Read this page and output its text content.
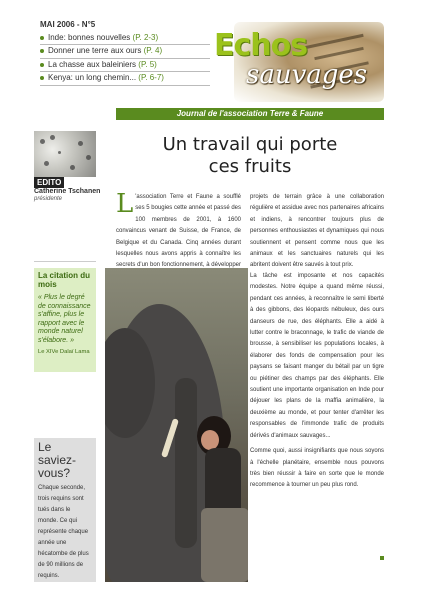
MAI 2006 - N°5
Inde: bonnes nouvelles (P. 2-3)
Donner une terre aux ours (P. 4)
La chasse aux baleiniers (P. 5)
Kenya: un long chemin... (P. 6-7)
Echos
sauvages
Journal de l'association Terre & Faune
EDITO
Catherine Tschanen
présidente
La citation du mois
« Plus le degré de connaissance s'affine, plus le rapport avec le monde naturel s'élabore. »
Le XIVe Dalaï Lama
Le saviez-vous?
Chaque seconde, trois requins sont tués dans le monde. Ce qui représente chaque année une hécatombe de plus de 90 millions de requins.
Un travail qui porte
ces fruits

L 'association Terre et Faune a soufflé ses 5 bougies cette année et passé des 100 membres de 2001, à 1600 convaincus venant de Suisse, de France, de Belgique et du Canada. Cinq années durant lesquelles nous avons appris à connaître les secrets d'un bon fonctionnement, à développer

projets de terrain grâce à une collaboration régulière et assidue avec nos partenaires africains et indiens, à rencontrer toujours plus de personnes enthousiastes et dynamiques qui nous soutiennent et pensent comme nous que les animaux et les sanctuaires naturels qui les abritent doivent être sauvés à tout prix.

La tâche est imposante et nos capacités modestes. Notre équipe a quand même réussi, pendant ces années, à reconnaître le semi liberté à des gibbons, des léopards nébuleux, des ours danseurs de rue, des éléphants. Elle a aidé à lutter contre le braconnage, le trafic de viande de brousse, à sensibiliser les populations locales, à élaborer des fonds de compensation pour les paysans se faisant manger du bétail par un tigre ou piétiner des champs par des éléphants. Elle soutient une importante organisation en Inde pour déjouer les plans de la maffia animalière, la deuxième au monde, et pour tenter d'arrêter les responsables de l'immonde trafic de produits dérivés d'animaux sauvages...

Comme quoi, aussi insignifiants que nous soyons à l'échelle planétaire, ensemble nous pouvons très bien réussir à faire en sorte que le monde recommence à tourner un peu plus rond.
